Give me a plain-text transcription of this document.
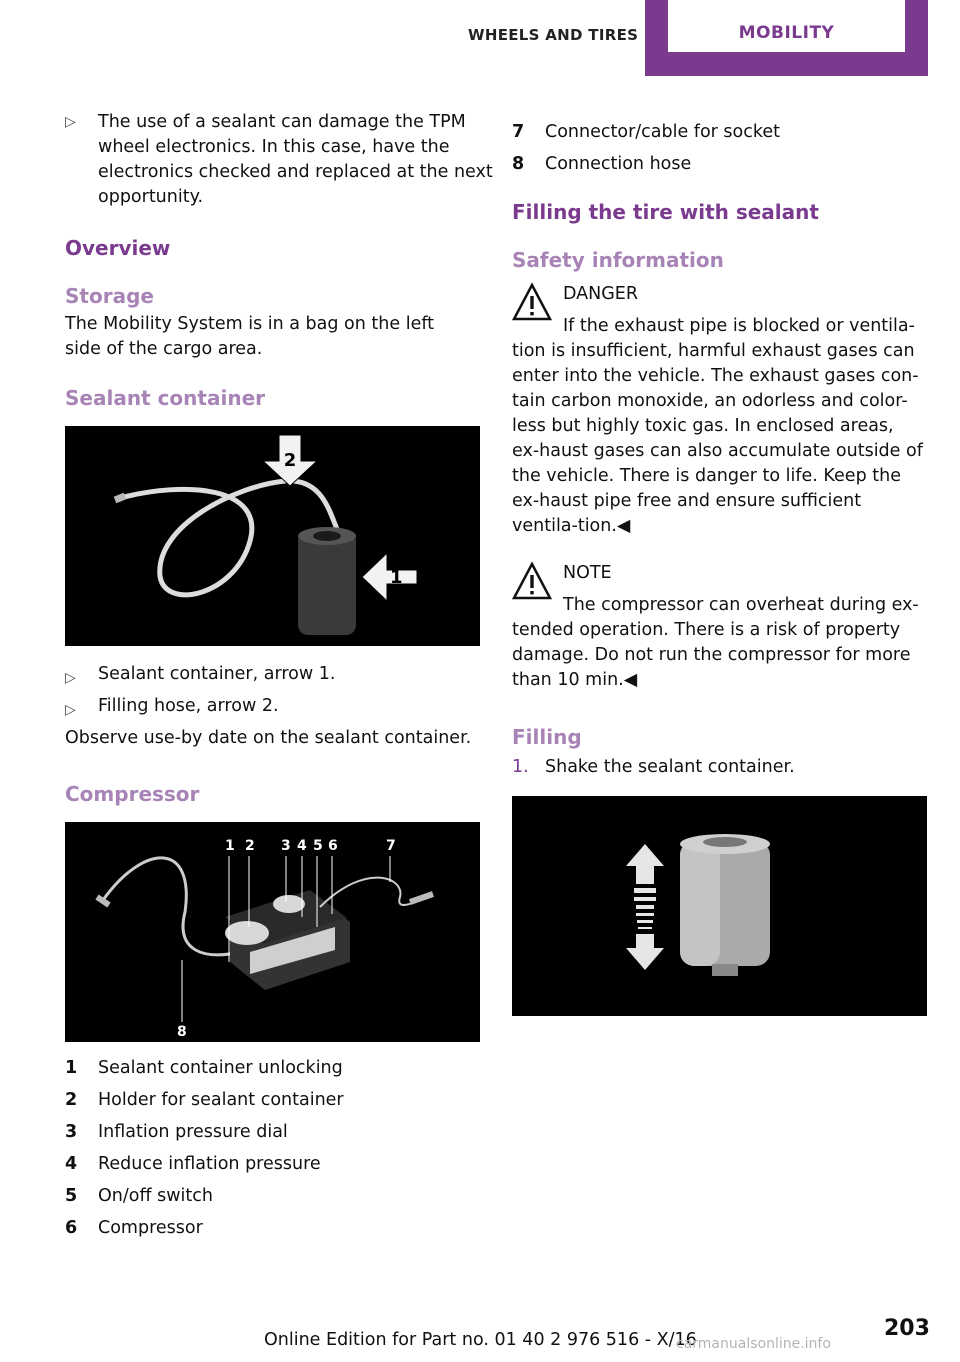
WHEELS AND TIRES	MOBILITY
▷ The use of a sealant can damage the TPM wheel electronics. In this case, have the electronics checked and replaced at the next opportunity.
Overview
Storage

The Mobility System is in a bag on the left side of the cargo area.

Sealant container
2
1
▷ Sealant container, arrow 1.
▷ Filling hose, arrow 2.

Observe use-by date on the sealant container.

Compressor
1 2 3 4 5 6	7
8
1 Sealant container unlocking
2 Holder for sealant container
3 Inflation pressure dial
4 Reduce inflation pressure
5 On/off switch
6 Compressor
7 Connector/cable for socket
8 Connection hose
Filling the tire with sealant
Safety information
DANGER
If the exhaust pipe is blocked or ventila-

tion is insufficient, harmful exhaust gases can enter into the vehicle. The exhaust gases con-tain carbon monoxide, an odorless and color-less but highly toxic gas. In enclosed areas, ex-haust gases can also accumulate outside of the vehicle. There is danger to life. Keep the ex-haust pipe free and ensure sufficient ventila-tion.◀

NOTE
The compressor can overheat during ex-

tended operation. There is a risk of property damage. Do not run the compressor for more than 10 min.◀

Filling
1. Shake the sealant container.
Online Edition for Part no. 01 40 2 976 516 - X/16	203
carmanualsonline.info
